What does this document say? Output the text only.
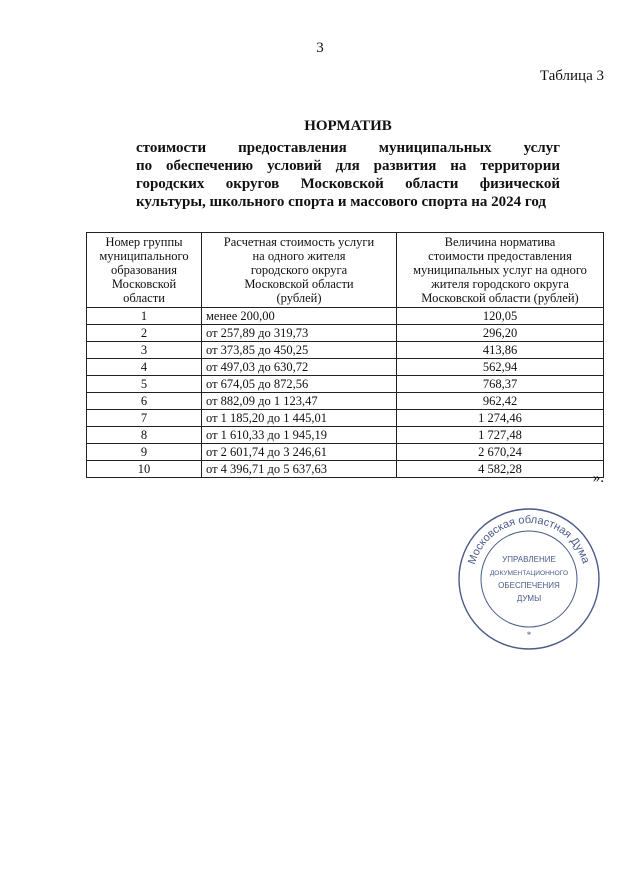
3
Таблица 3
НОРМАТИВ
стоимости предоставления муниципальных услуг
по обеспечению условий для развития на территории
городских округов Московской области физической
культуры, школьного спорта и массового спорта на 2024 год
Номер группы
муниципального
образования
Московской
области	Расчетная стоимость услуги
на одного жителя
городского округа
Московской области
(рублей)	Величина норматива
стоимости предоставления
муниципальных услуг на одного
жителя городского округа
Московской области (рублей)

1	менее 200,00	120,05
2	от 257,89 до 319,73	296,20
3	от 373,85 до 450,25	413,86
4	от 497,03 до 630,72	562,94
5	от 674,05 до 872,56	768,37
6	от 882,09 до 1 123,47	962,42
7	от 1 185,20 до 1 445,01	1 274,46
8	от 1 610,33 до 1 945,19	1 727,48
9	от 2 601,74 до 3 246,61	2 670,24
10	от 4 396,71 до 5 637,63	4 582,28
».
Московская областная Дума
УПРАВЛЕНИЕ
ДОКУМЕНТАЦИОННОГО
ОБЕСПЕЧЕНИЯ
ДУМЫ
*
